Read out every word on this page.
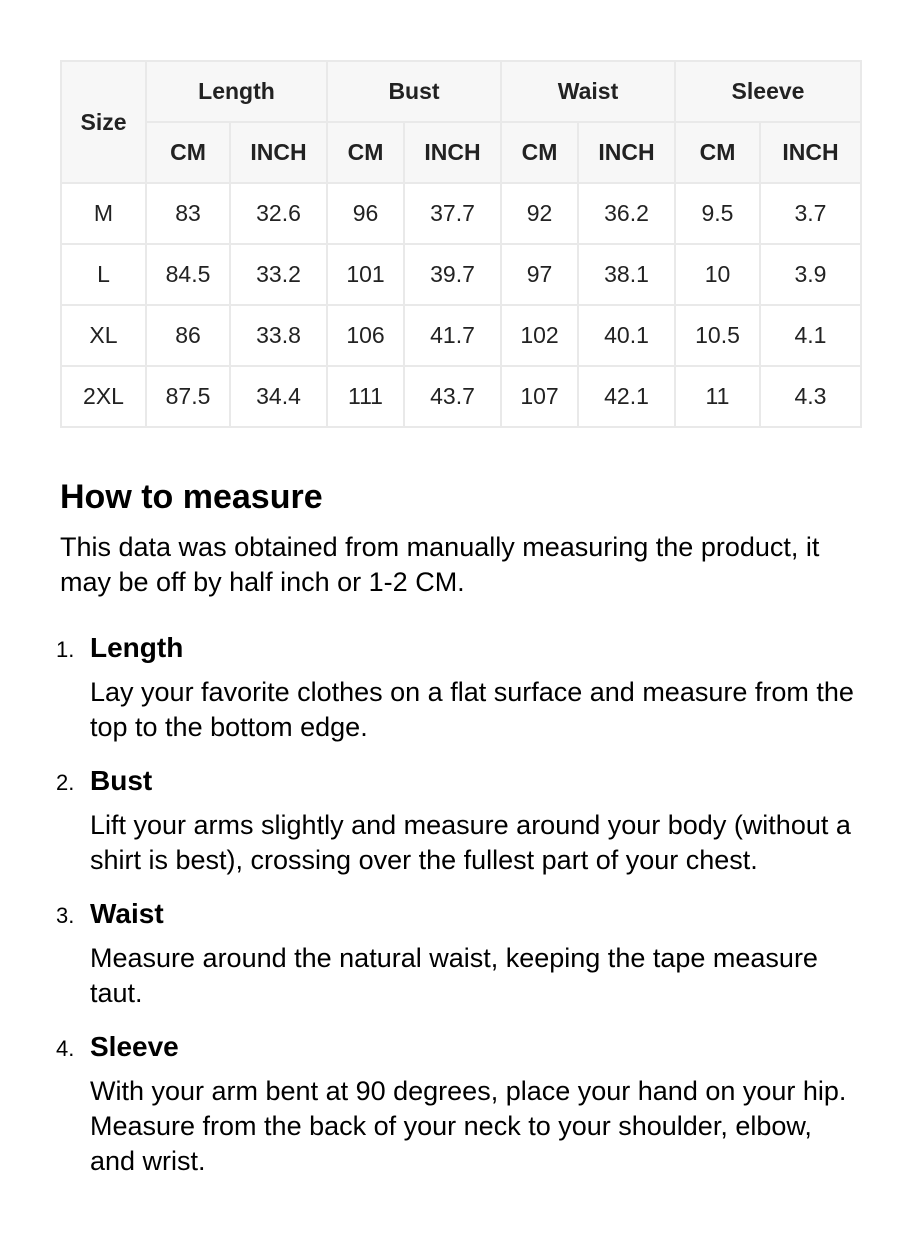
Size	Length		Bust		Waist		Sleeve	
	CM	INCH	CM	INCH	CM	INCH	CM	INCH
M	83	32.6	96	37.7	92	36.2	9.5	3.7
L	84.5	33.2	101	39.7	97	38.1	10	3.9
XL	86	33.8	106	41.7	102	40.1	10.5	4.1
2XL	87.5	34.4	111	43.7	107	42.1	11	4.3
How to measure

This data was obtained from manually measuring the product, it may be off by half inch or 1-2 CM.

1. Length
Lay your favorite clothes on a flat surface and measure from the top to the bottom edge.
2. Bust
Lift your arms slightly and measure around your body (without a shirt is best), crossing over the fullest part of your chest.
3. Waist
Measure around the natural waist, keeping the tape measure taut.
4. Sleeve
With your arm bent at 90 degrees, place your hand on your hip. Measure from the back of your neck to your shoulder, elbow, and wrist.
